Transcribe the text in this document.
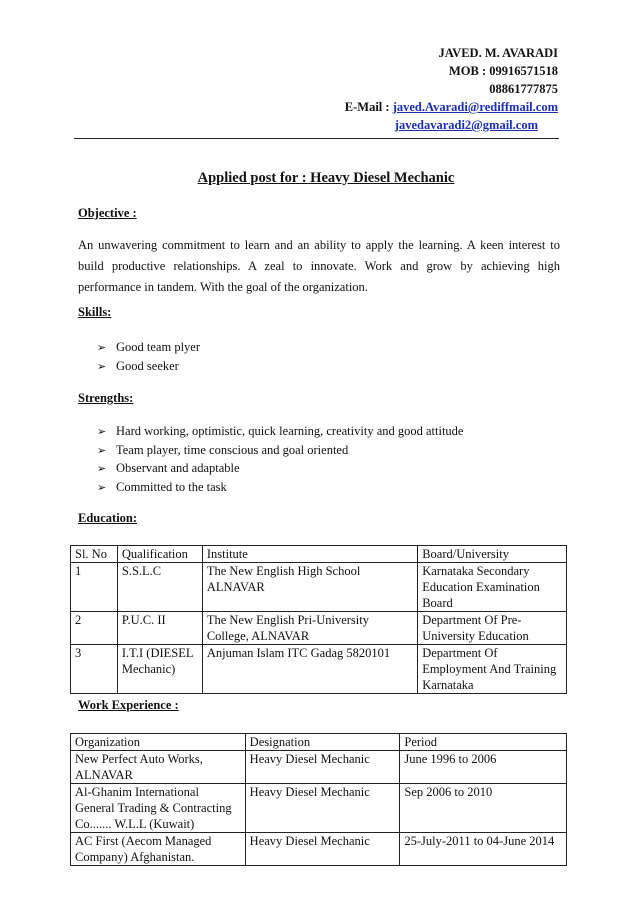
JAVED. M. AVARADI
MOB : 09916571518
08861777875
E-Mail : javed.Avaradi@rediffmail.com
javedavaradi2@gmail.com
Applied post for : Heavy Diesel Mechanic
Objective :
An unwavering commitment to learn and an ability to apply the learning. A keen interest to build productive relationships. A zeal to innovate. Work and grow by achieving high performance in tandem. With the goal of the organization.
Skills:
➢ Good team plyer
➢ Good seeker
Strengths:
➢ Hard working, optimistic, quick learning, creativity and good attitude
➢ Team player, time conscious and goal oriented
➢ Observant and adaptable
➢ Committed to the task
Education:
Sl. No	Qualification	Institute	Board/University
1	S.S.L.C	The New English High School ALNAVAR	Karnataka Secondary Education Examination Board
2	P.U.C. II	The New English Pri-University College, ALNAVAR	Department Of Pre-University Education
3	I.T.I (DIESEL Mechanic)	Anjuman Islam ITC Gadag 5820101	Department Of Employment And Training Karnataka
Work Experience :
Organization	Designation	Period
New Perfect Auto Works, ALNAVAR	Heavy Diesel Mechanic	June 1996 to 2006
Al-Ghanim International General Trading & Contracting Co....... W.L.L (Kuwait)	Heavy Diesel Mechanic	Sep 2006 to 2010
AC First (Aecom Managed Company) Afghanistan.	Heavy Diesel Mechanic	25-July-2011 to 04-June 2014
